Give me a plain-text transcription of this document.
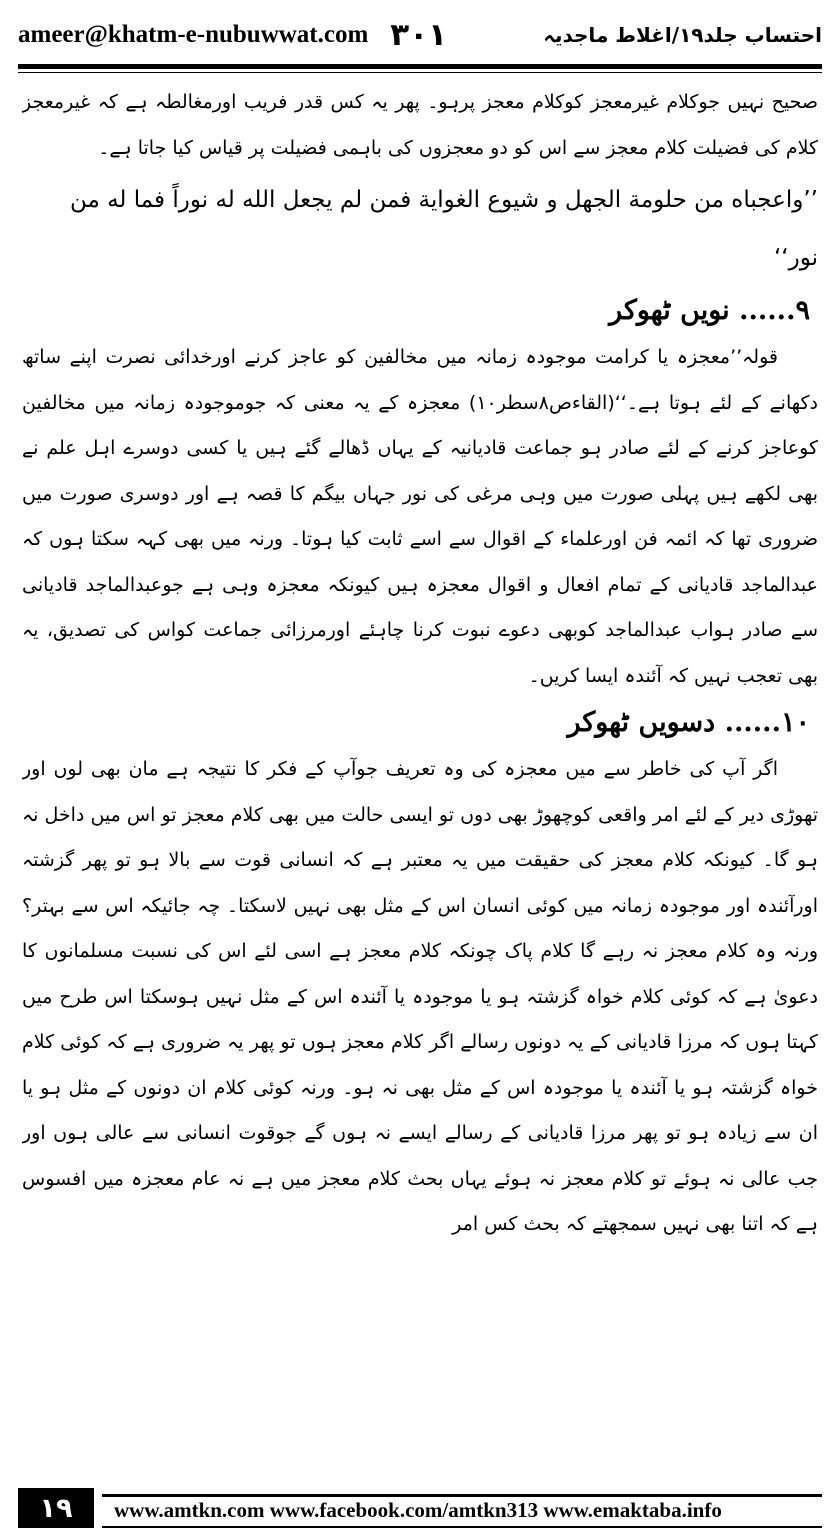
ameer@khatm-e-nubuwwat.com ۳۰۱	احتساب جلد۱۹/اغلاط ماجدیہ

صحیح نہیں جوکلام غیرمعجز کوکلام معجز پرہو۔ پھر یہ کس قدر فریب اورمغالطہ ہے کہ غیرمعجز کلام کی فضیلت کلام معجز سے اس کو دو معجزوں کی باہمی فضیلت پر قیاس کیا جاتا ہے۔

’’واعجباه من حلومة الجهل و شيوع الغواية فمن لم يجعل الله له نوراً فما له من نور‘‘

۹...... نویں ٹھوکر

قولہ’’معجزہ یا کرامت موجودہ زمانہ میں مخالفین کو عاجز کرنے اورخدائی نصرت اپنے ساتھ دکھانے کے لئے ہوتا ہے۔‘‘(القاءص۸سطر۱۰) معجزہ کے یہ معنی کہ جوموجودہ زمانہ میں مخالفین کوعاجز کرنے کے لئے صادر ہو جماعت قادیانیہ کے یہاں ڈھالے گئے ہیں یا کسی دوسرے اہل علم نے بھی لکھے ہیں پہلی صورت میں وہی مرغی کی نور جہاں بیگم کا قصہ ہے اور دوسری صورت میں ضروری تھا کہ ائمہ فن اورعلماء کے اقوال سے اسے ثابت کیا ہوتا۔ ورنہ میں بھی کہہ سکتا ہوں کہ عبدالماجد قادیانی کے تمام افعال و اقوال معجزہ ہیں کیونکہ معجزہ وہی ہے جوعبدالماجد قادیانی سے صادر ہواب عبدالماجد کوبھی دعوے نبوت کرنا چاہئے اورمرزائی جماعت کواس کی تصدیق، یہ بھی تعجب نہیں کہ آئندہ ایسا کریں۔

۱۰...... دسویں ٹھوکر

اگر آپ کی خاطر سے میں معجزہ کی وہ تعریف جوآپ کے فکر کا نتیجہ ہے مان بھی لوں اور تھوڑی دیر کے لئے امر واقعی کوچھوڑ بھی دوں تو ایسی حالت میں بھی کلام معجز تو اس میں داخل نہ ہو گا۔ کیونکہ کلام معجز کی حقیقت میں یہ معتبر ہے کہ انسانی قوت سے بالا ہو تو پھر گزشتہ اورآئندہ اور موجودہ زمانہ میں کوئی انسان اس کے مثل بھی نہیں لاسکتا۔ چہ جائیکہ اس سے بہتر؟ ورنہ وہ کلام معجز نہ رہے گا کلام پاک چونکہ کلام معجز ہے اسی لئے اس کی نسبت مسلمانوں کا دعویٰ ہے کہ کوئی کلام خواہ گزشتہ ہو یا موجودہ یا آئندہ اس کے مثل نہیں ہوسکتا اس طرح میں کہتا ہوں کہ مرزا قادیانی کے یہ دونوں رسالے اگر کلام معجز ہوں تو پھر یہ ضروری ہے کہ کوئی کلام خواہ گزشتہ ہو یا آئندہ یا موجودہ اس کے مثل بھی نہ ہو۔ ورنہ کوئی کلام ان دونوں کے مثل ہو یا ان سے زیادہ ہو تو پھر مرزا قادیانی کے رسالے ایسے نہ ہوں گے جوقوت انسانی سے عالی ہوں اور جب عالی نہ ہوئے تو کلام معجز نہ ہوئے یہاں بحث کلام معجز میں ہے نہ عام معجزہ میں افسوس ہے کہ اتنا بھی نہیں سمجھتے کہ بحث کس امر

۱۹	www.amtkn.com www.facebook.com/amtkn313 www.emaktaba.info
